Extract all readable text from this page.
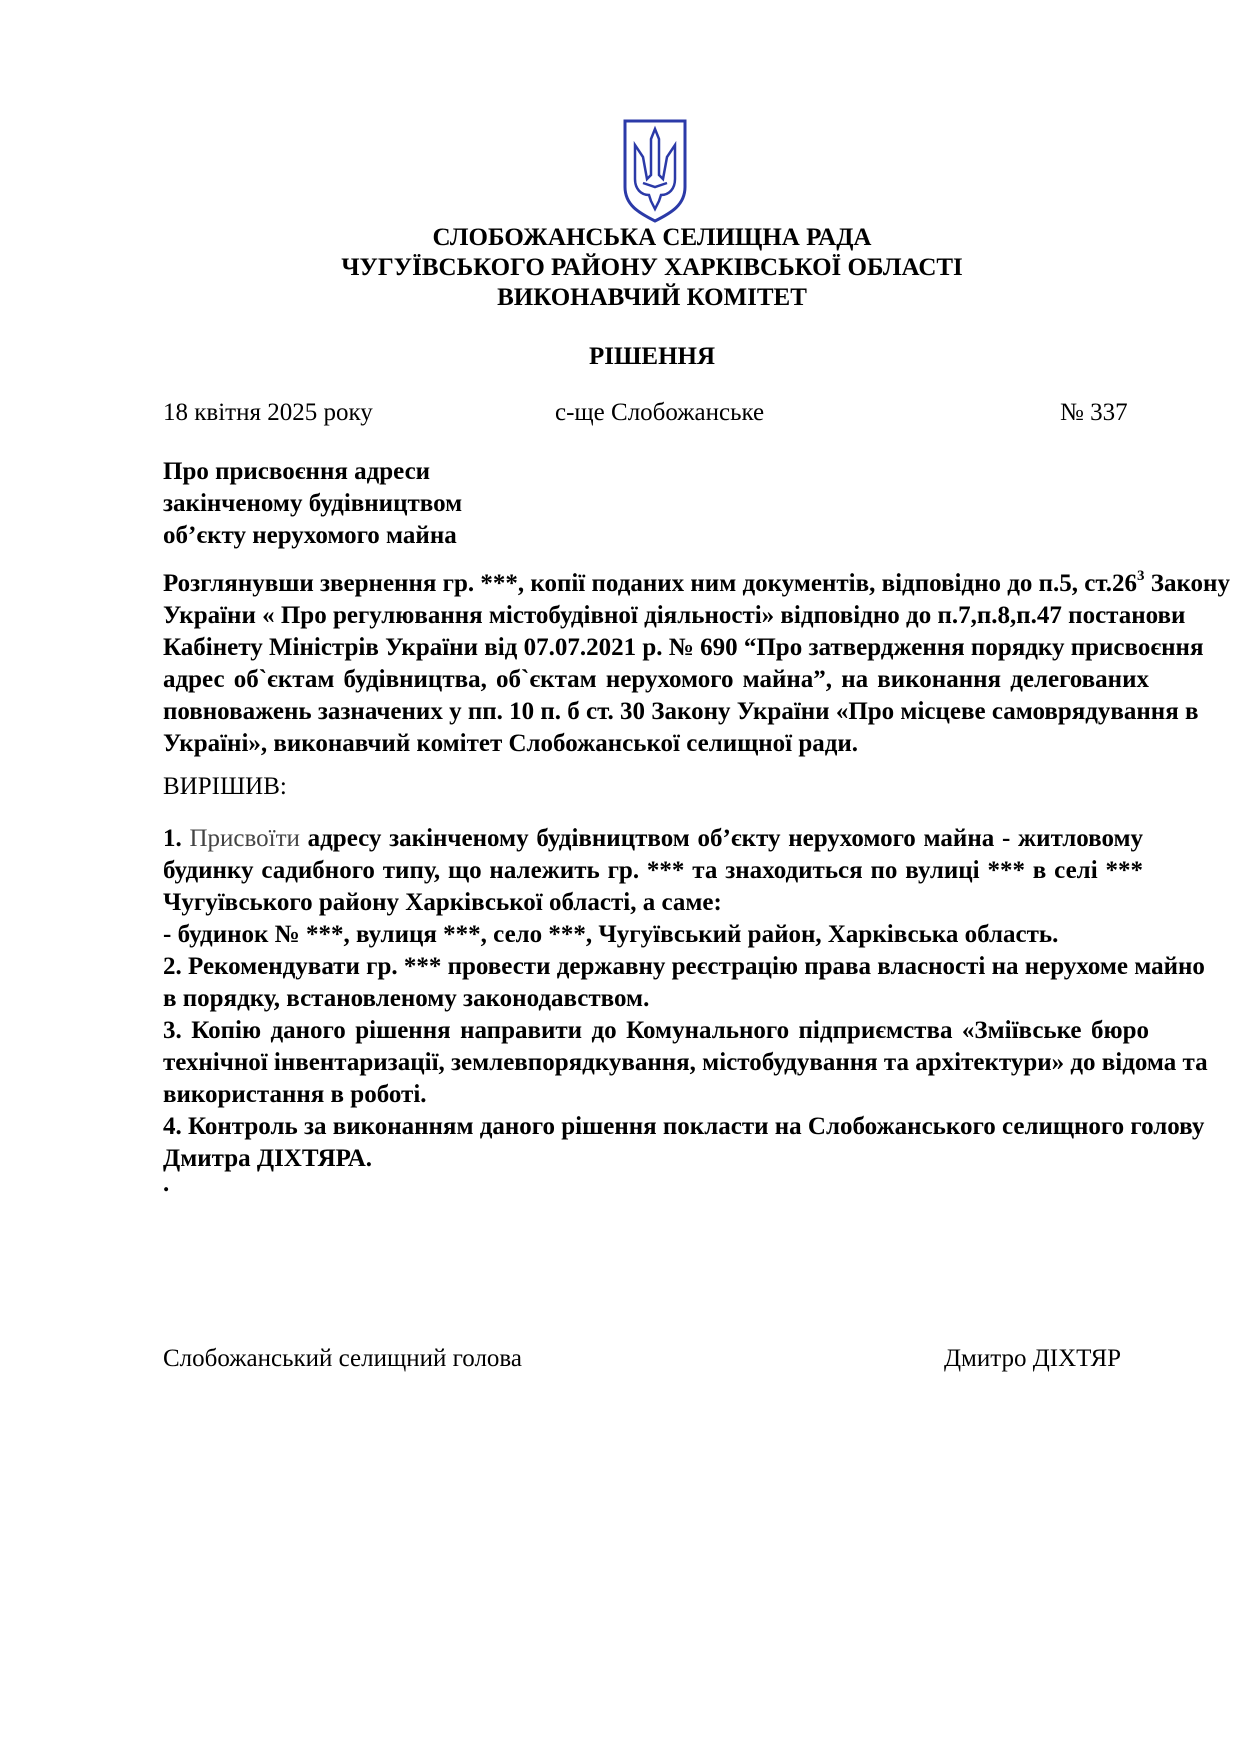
СЛОБОЖАНСЬКА СЕЛИЩНА РАДА
ЧУГУЇВСЬКОГО РАЙОНУ ХАРКІВСЬКОЇ ОБЛАСТІ
ВИКОНАВЧИЙ КОМІТЕТ
РІШЕННЯ
18 квітня 2025 року	с-ще Слобожанське	№ 337
Про присвоєння адреси
закінченому будівництвом
об’єкту нерухомого майна
Розглянувши звернення гр. ***, копії поданих ним документів, відповідно до п.5, $ст.26^3$ Закону
України « Про регулювання містобудівної діяльності» відповідно до п.7,п.8,п.47 постанови
Кабінету Міністрів України від 07.07.2021 р. № 690 “Про затвердження порядку присвоєння
адрес об`єктам будівництва, об`єктам нерухомого майна”, на виконання делегованих
повноважень зазначених у пп. 10 п. б ст. 30 Закону України «Про місцеве самоврядування в
Україні», виконавчий комітет Слобожанської селищної ради.
ВИРІШИВ:
1. Присвоїти адресу закінченому будівництвом об’єкту нерухомого майна - житловому
будинку садибного типу, що належить гр. *** та знаходиться по вулиці *** в селі ***
Чугуївського району Харківської області, а саме:
- будинок № ***, вулиця ***, село ***, Чугуївський район, Харківська область.
2. Рекомендувати гр. *** провести державну реєстрацію права власності на нерухоме майно
в порядку, встановленому законодавством.
3. Копію даного рішення направити до Комунального підприємства «Зміївське бюро
технічної інвентаризації, землевпорядкування, містобудування та архітектури» до відома та
використання в роботі.
4. Контроль за виконанням даного рішення покласти на Слобожанського селищного голову
Дмитра ДІХТЯРА.
.
Слобожанський селищний голова	Дмитро ДІХТЯР
